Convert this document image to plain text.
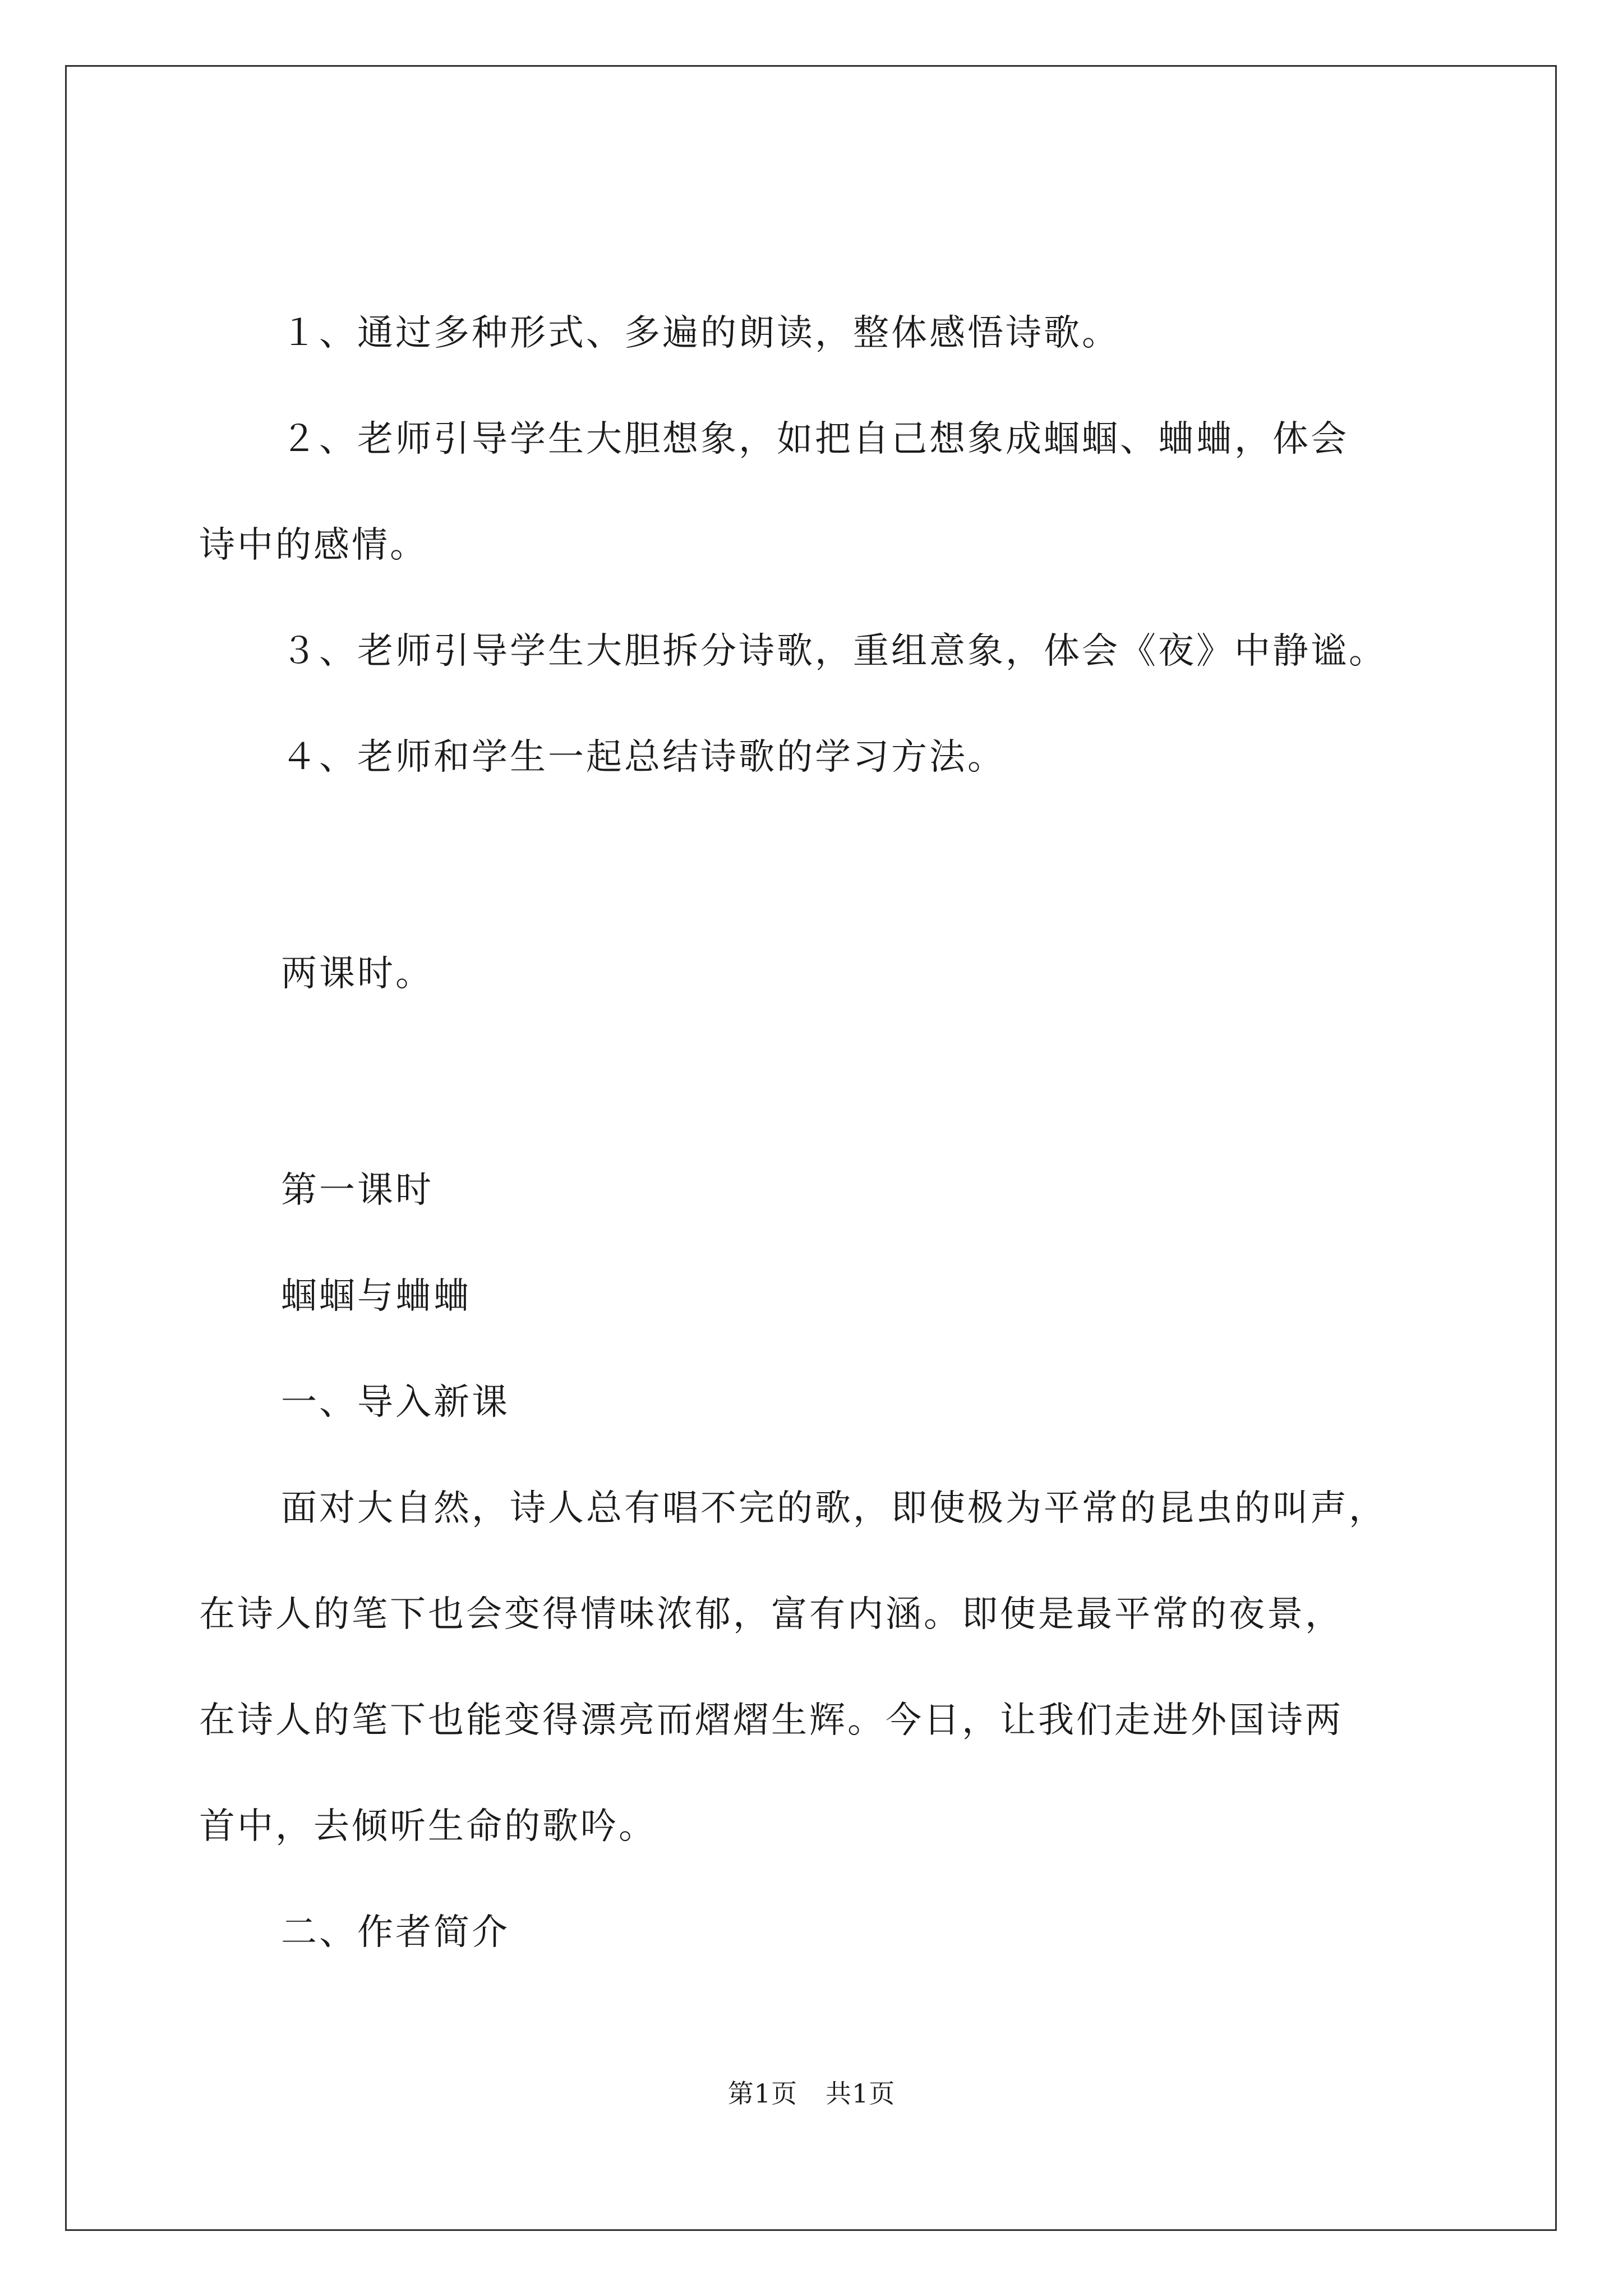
１、通过多种形式、多遍的朗读，整体感悟诗歌。

２、老师引导学生大胆想象，如把自己想象成蝈蝈、蛐蛐，体会

诗中的感情。

３、老师引导学生大胆拆分诗歌，重组意象，体会《夜》中静谧。

４、老师和学生一起总结诗歌的学习方法。

两课时。

第一课时

蝈蝈与蛐蛐

一、导入新课

面对大自然，诗人总有唱不完的歌，即使极为平常的昆虫的叫声，

在诗人的笔下也会变得情味浓郁，富有内涵。即使是最平常的夜景，

在诗人的笔下也能变得漂亮而熠熠生辉。今日，让我们走进外国诗两

首中，去倾听生命的歌吟。

二、作者简介

第1页 共1页
